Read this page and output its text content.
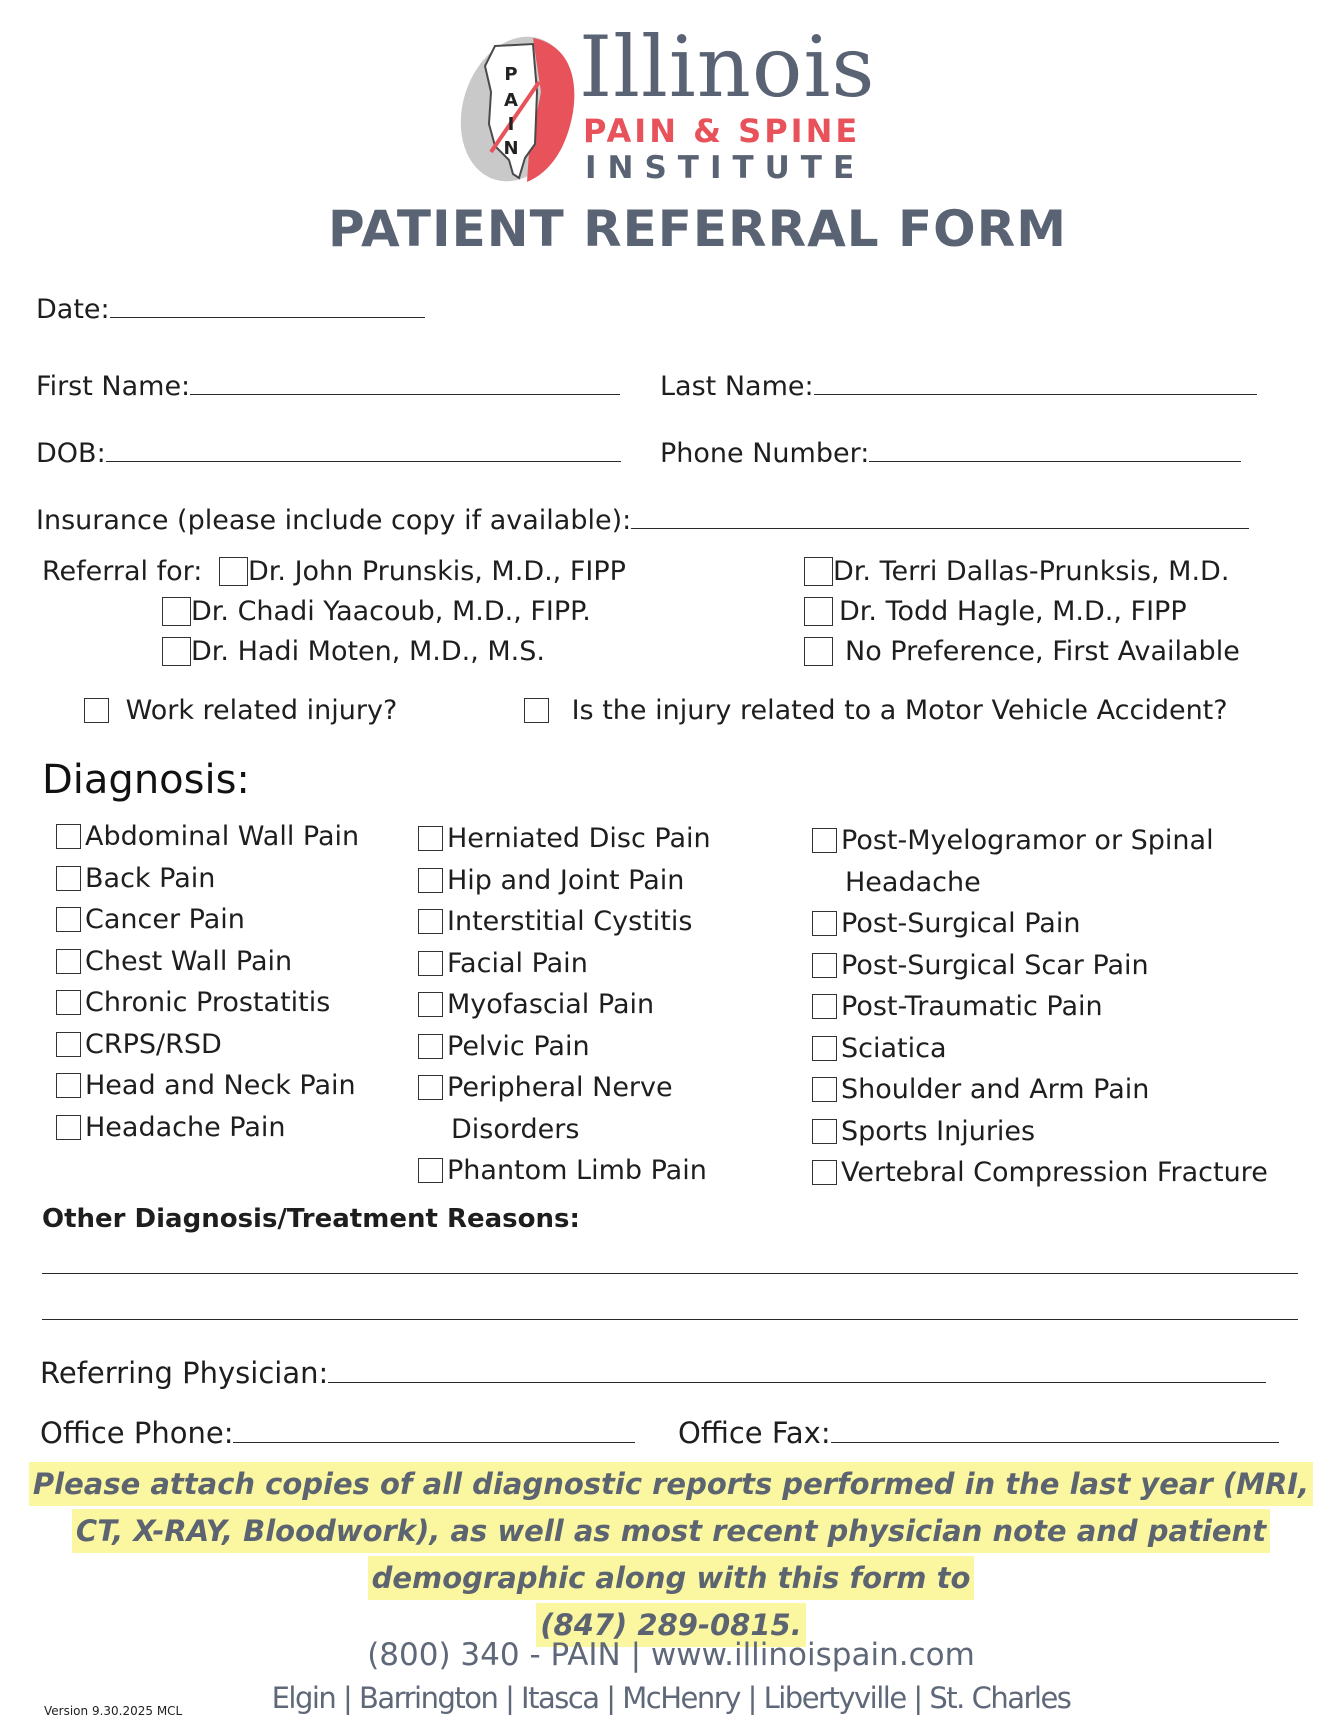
P
A
I
N
Illinois
PAIN & SPINE
INSTITUTE
PATIENT REFERRAL FORM
Date:
First Name:	Last Name:
DOB:	Phone Number:
Insurance (please include copy if available):
Referral for:	Dr. John Prunskis, M.D., FIPP	Dr. Terri Dallas-Prunksis, M.D.
Dr. Chadi Yaacoub, M.D., FIPP.	Dr. Todd Hagle, M.D., FIPP
Dr. Hadi Moten, M.D., M.S.	No Preference, First Available
Work related injury?	Is the injury related to a Motor Vehicle Accident?
Diagnosis:
Abdominal Wall Pain
Back Pain
Cancer Pain
Chest Wall Pain
Chronic Prostatitis
CRPS/RSD
Head and Neck Pain
Headache Pain
Herniated Disc Pain
Hip and Joint Pain
Interstitial Cystitis
Facial Pain
Myofascial Pain
Pelvic Pain
Peripheral Nerve
Disorders
Phantom Limb Pain
Post-Myelogramor or Spinal
Headache
Post-Surgical Pain
Post-Surgical Scar Pain
Post-Traumatic Pain
Sciatica
Shoulder and Arm Pain
Sports Injuries
Vertebral Compression Fracture
Other Diagnosis/Treatment Reasons:
Referring Physician:
Office Phone:	Office Fax:
Please attach copies of all diagnostic reports performed in the last year (MRI,
CT, X-RAY, Bloodwork), as well as most recent physician note and patient
demographic along with this form to
(847) 289-0815.
(800) 340 - PAIN | www.illinoispain.com
Elgin | Barrington | Itasca | McHenry | Libertyville | St. Charles
Version 9.30.2025 MCL
